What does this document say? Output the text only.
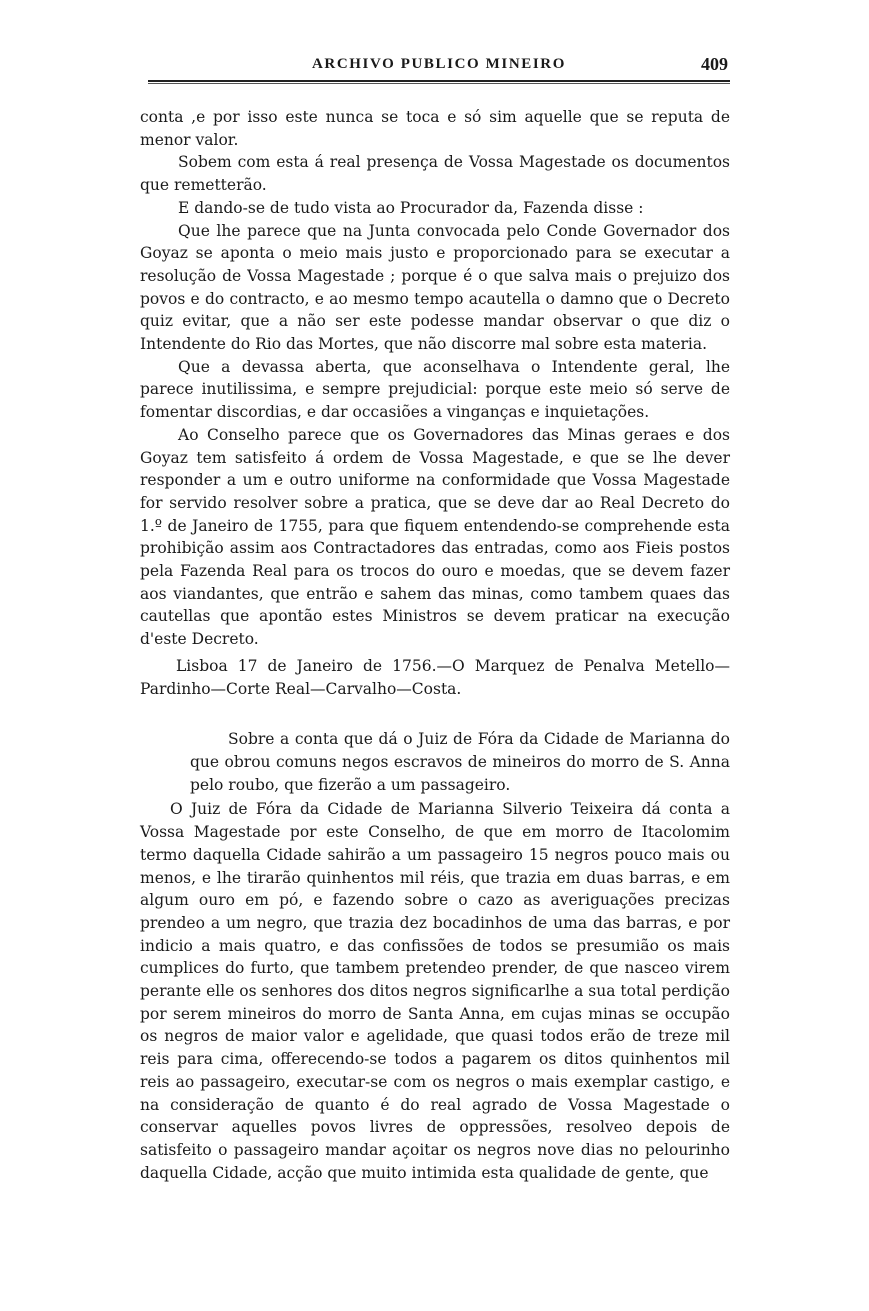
ARCHIVO PUBLICO MINEIRO	409

conta ,e por isso este nunca se toca e só sim aquelle que se reputa de menor valor.

Sobem com esta á real presença de Vossa Magestade os documentos que remetterão.

E dando-se de tudo vista ao Procurador da, Fazenda disse :

Que lhe parece que na Junta convocada pelo Conde Governador dos Goyaz se aponta o meio mais justo e proporcionado para se executar a resolução de Vossa Magestade ; porque é o que salva mais o prejuizo dos povos e do contracto, e ao mesmo tempo acautella o damno que o Decreto quiz evitar, que a não ser este podesse mandar observar o que diz o Intendente do Rio das Mortes, que não discorre mal sobre esta materia.

Que a devassa aberta, que aconselhava o Intendente geral, lhe parece inutilissima, e sempre prejudicial: porque este meio só serve de fomentar discordias, e dar occasiões a vinganças e inquietações.

Ao Conselho parece que os Governadores das Minas geraes e dos Goyaz tem satisfeito á ordem de Vossa Magestade, e que se lhe dever responder a um e outro uniforme na conformidade que Vossa Magestade for servido resolver sobre a pratica, que se deve dar ao Real Decreto do 1.º de Janeiro de 1755, para que fiquem entendendo-se comprehende esta prohibição assim aos Contractadores das entradas, como aos Fieis postos pela Fazenda Real para os trocos do ouro e moedas, que se devem fazer aos viandantes, que entrão e sahem das minas, como tambem quaes das cautellas que apontão estes Ministros se devem praticar na execução d'este Decreto.

Lisboa 17 de Janeiro de 1756.—O Marquez de Penalva Metello—Pardinho—Corte Real—Carvalho—Costa.

Sobre a conta que dá o Juiz de Fóra da Cidade de Marianna do que obrou comuns negos escravos de mineiros do morro de S. Anna pelo roubo, que fizerão a um passageiro.

O Juiz de Fóra da Cidade de Marianna Silverio Teixeira dá conta a Vossa Magestade por este Conselho, de que em morro de Itacolomim termo daquella Cidade sahirão a um passageiro 15 negros pouco mais ou menos, e lhe tirarão quinhentos mil réis, que trazia em duas barras, e em algum ouro em pó, e fazendo sobre o cazo as averiguações precizas prendeo a um negro, que trazia dez bocadinhos de uma das barras, e por indicio a mais quatro, e das confissões de todos se presumião os mais cumplices do furto, que tambem pretendeo prender, de que nasceo virem perante elle os senhores dos ditos negros significarlhe a sua total perdição por serem mineiros do morro de Santa Anna, em cujas minas se occupão os negros de maior valor e agelidade, que quasi todos erão de treze mil reis para cima, offerecendo-se todos a pagarem os ditos quinhentos mil reis ao passageiro, executar-se com os negros o mais exemplar castigo, e na consideração de quanto é do real agrado de Vossa Magestade o conservar aquelles povos livres de oppressões, resolveo depois de satisfeito o passageiro mandar açoitar os negros nove dias no pelourinho daquella Cidade, acção que muito intimida esta qualidade de gente, que
